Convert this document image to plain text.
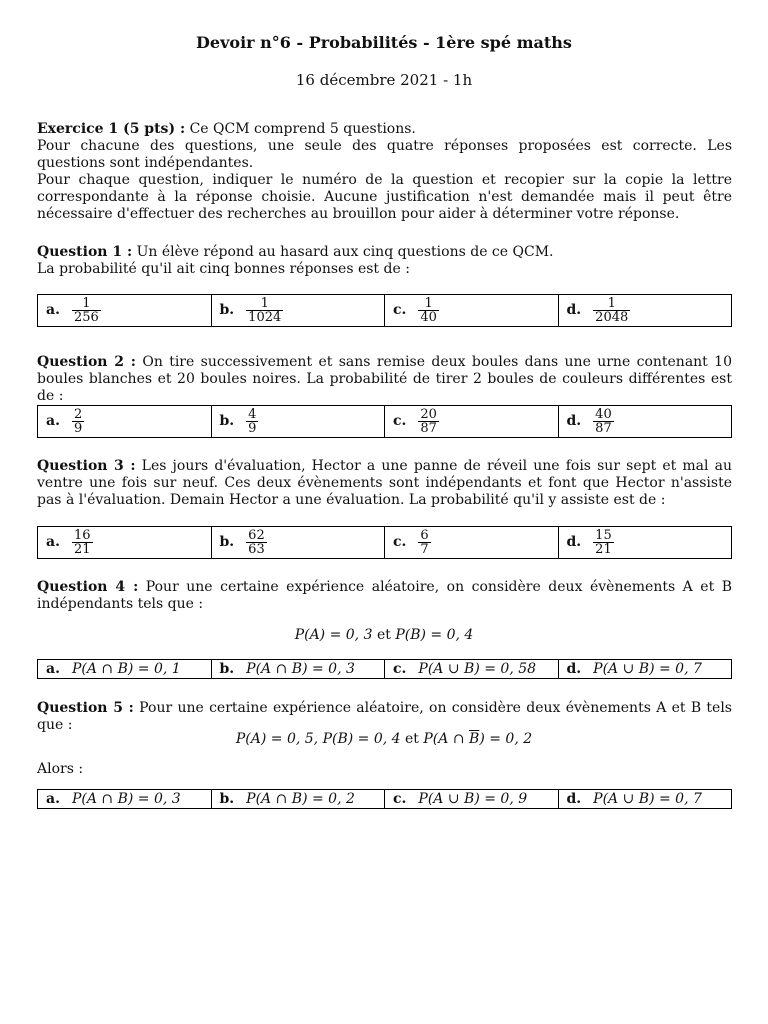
Devoir n°6 - Probabilités - 1ère spé maths
16 décembre 2021 - 1h

Exercice 1 (5 pts) : Ce QCM comprend 5 questions.

Pour chacune des questions, une seule des quatre réponses proposées est correcte. Les questions sont indépendantes.

Pour chaque question, indiquer le numéro de la question et recopier sur la copie la lettre correspondante à la réponse choisie. Aucune justification n'est demandée mais il peut être nécessaire d'effectuer des recherches au brouillon pour aider à déterminer votre réponse.

Question 1 : Un élève répond au hasard aux cinq questions de ce QCM.

La probabilité qu'il ait cinq bonnes réponses est de :

a. $\frac{1}{256}$	b. $\frac{1}{1024}$	c. $\frac{1}{40}$	d. $\frac{1}{2048}$

Question 2 : On tire successivement et sans remise deux boules dans une urne contenant 10 boules blanches et 20 boules noires. La probabilité de tirer 2 boules de couleurs différentes est de :

a. $\frac{2}{9}$	b. $\frac{4}{9}$	c. $\frac{20}{87}$	d. $\frac{40}{87}$

Question 3 : Les jours d'évaluation, Hector a une panne de réveil une fois sur sept et mal au ventre une fois sur neuf. Ces deux évènements sont indépendants et font que Hector n'assiste pas à l'évaluation. Demain Hector a une évaluation. La probabilité qu'il y assiste est de :

a. $\frac{16}{21}$	b. $\frac{62}{63}$	c. $\frac{6}{7}$	d. $\frac{15}{21}$

Question 4 : Pour une certaine expérience aléatoire, on considère deux évènements A et B indépendants tels que :

P(A) = 0, 3 et P(B) = 0, 4
a. P(A ∩ B) = 0, 1	b. P(A ∩ B) = 0, 3	c. P(A ∪ B) = 0, 58 d. P(A ∪ B) = 0, 7

Question 5 : Pour une certaine expérience aléatoire, on considère deux évènements A et B tels que :

P(A) = 0, 5, P(B) = 0, 4 et P(A ∩ $\overline{B}) = 0$, 2

Alors :

a. P(A ∩ B) = 0, 3	b. P(A ∩ B) = 0, 2	c. P(A ∪ B) = 0, 9	d. P(A ∪ B) = 0, 7
